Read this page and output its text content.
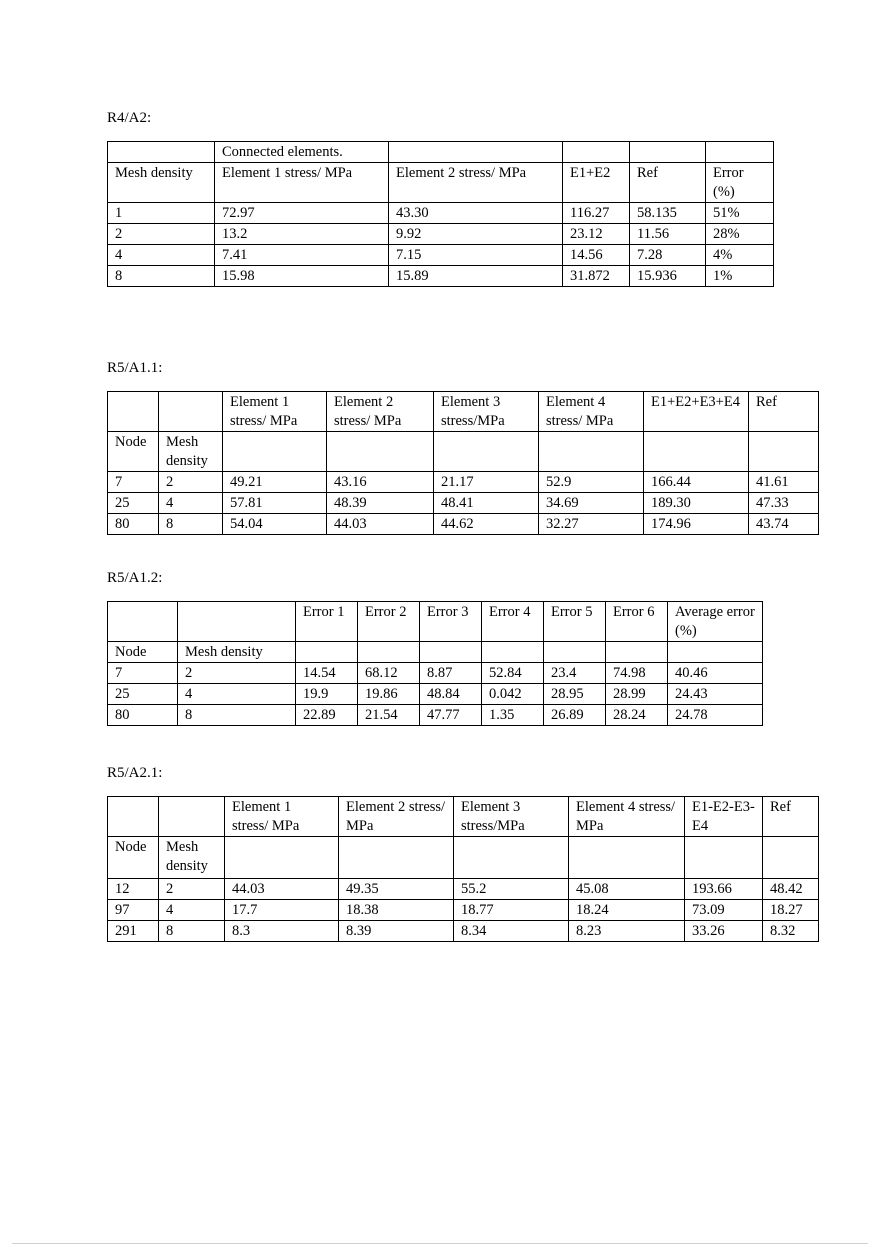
R4/A2:
	Connected elements.				
Mesh density	Element 1 stress/ MPa	Element 2 stress/ MPa	E1+E2	Ref	Error (%)
1	72.97	43.30	116.27	58.135	51%
2	13.2	9.92	23.12	11.56	28%
4	7.41	7.15	14.56	7.28	4%
8	15.98	15.89	31.872	15.936	1%
R5/A1.1:
		Element 1 stress/ MPa	Element 2 stress/ MPa	Element 3 stress/MPa	Element 4 stress/ MPa	E1+E2+E3+E4	Ref
Node	Mesh density						
7	2	49.21	43.16	21.17	52.9	166.44	41.61
25	4	57.81	48.39	48.41	34.69	189.30	47.33
80	8	54.04	44.03	44.62	32.27	174.96	43.74
R5/A1.2:
		Error 1	Error 2	Error 3	Error 4	Error 5	Error 6	Average error (%)
Node	Mesh density							
7	2	14.54	68.12	8.87	52.84	23.4	74.98	40.46
25	4	19.9	19.86	48.84	0.042	28.95	28.99	24.43
80	8	22.89	21.54	47.77	1.35	26.89	28.24	24.78
R5/A2.1:
		Element 1 stress/ MPa	Element 2 stress/ MPa	Element 3 stress/MPa	Element 4 stress/ MPa	E1-E2-E3-E4	Ref
Node	Mesh density						
12	2	44.03	49.35	55.2	45.08	193.66	48.42
97	4	17.7	18.38	18.77	18.24	73.09	18.27
291	8	8.3	8.39	8.34	8.23	33.26	8.32
